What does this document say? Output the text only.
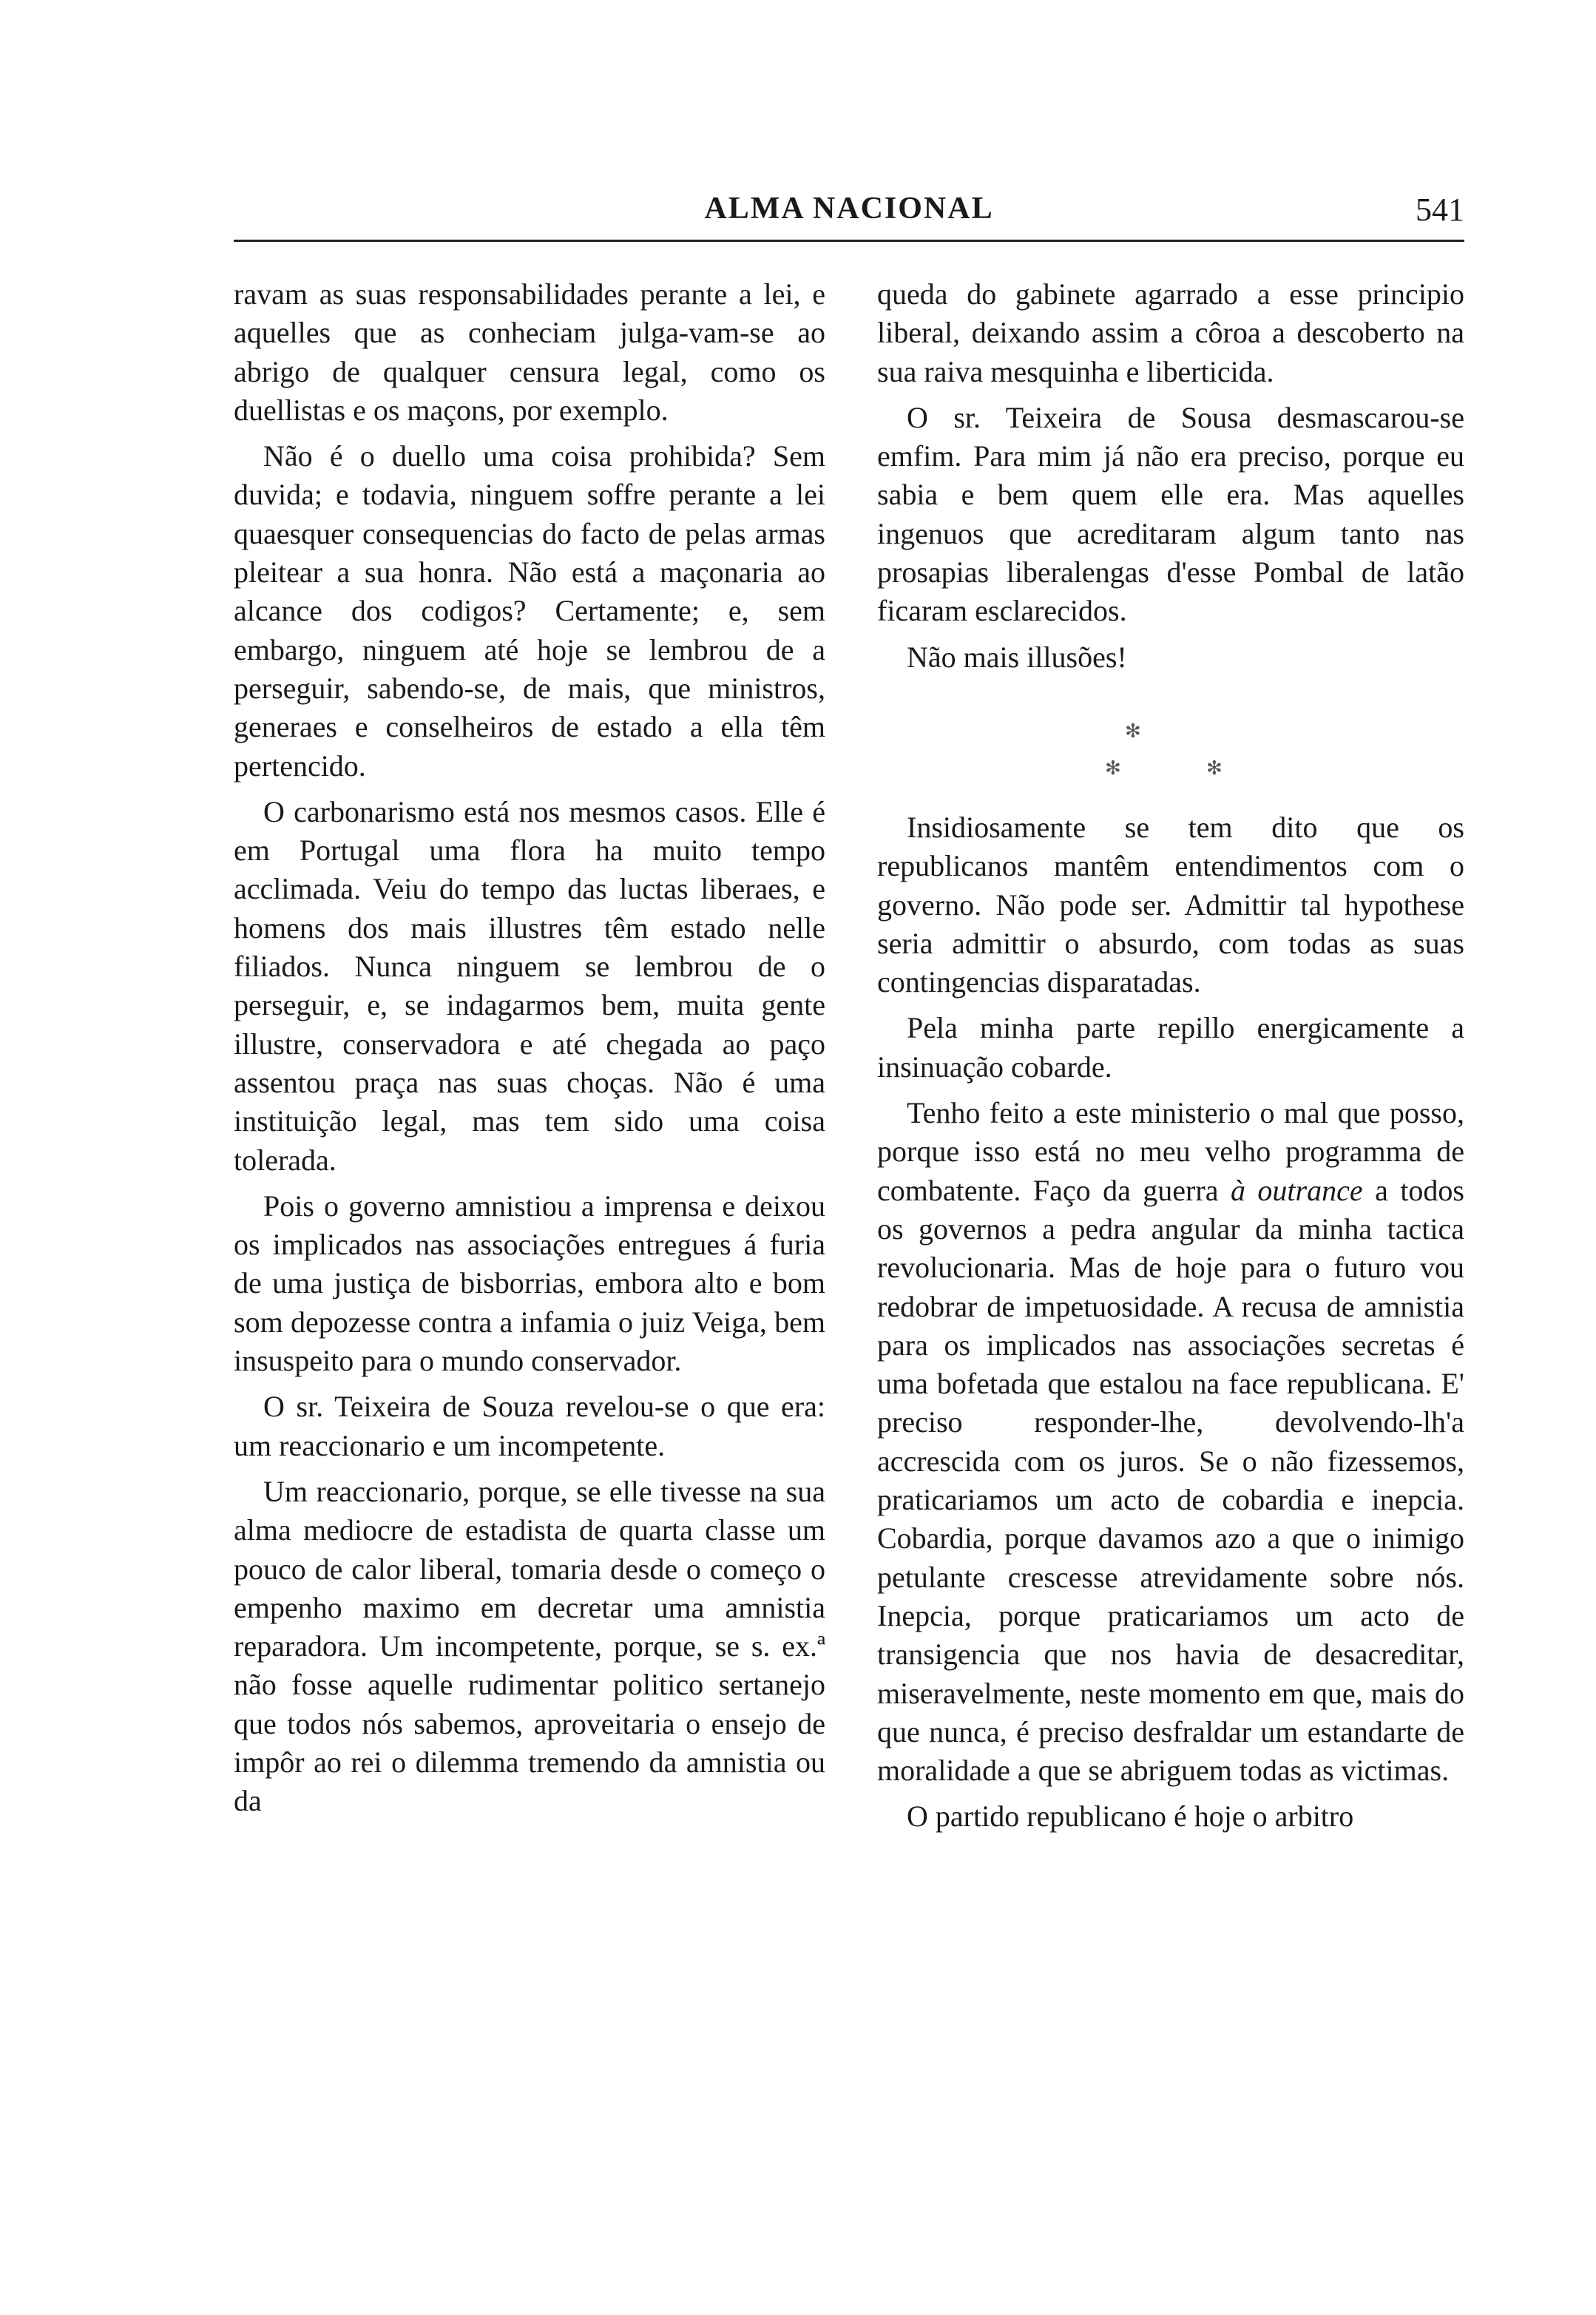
ALMA NACIONAL	541

ravam as suas responsabilidades perante a lei, e aquelles que as conheciam julga-vam-se ao abrigo de qualquer censura legal, como os duellistas e os maçons, por exemplo.

Não é o duello uma coisa prohibida? Sem duvida; e todavia, ninguem soffre perante a lei quaesquer consequencias do facto de pelas armas pleitear a sua honra. Não está a maçonaria ao alcance dos codigos? Certamente; e, sem embargo, ninguem até hoje se lembrou de a perseguir, sabendo-se, de mais, que ministros, generaes e conselheiros de estado a ella têm pertencido.

O carbonarismo está nos mesmos casos. Elle é em Portugal uma flora ha muito tempo acclimada. Veiu do tempo das luctas liberaes, e homens dos mais illustres têm estado nelle filiados. Nunca ninguem se lembrou de o perseguir, e, se indagarmos bem, muita gente illustre, conservadora e até chegada ao paço assentou praça nas suas choças. Não é uma instituição legal, mas tem sido uma coisa tolerada.

Pois o governo amnistiou a imprensa e deixou os implicados nas associações entregues á furia de uma justiça de bisborrias, embora alto e bom som depozesse contra a infamia o juiz Veiga, bem insuspeito para o mundo conservador.

O sr. Teixeira de Souza revelou-se o que era: um reaccionario e um incompetente.

Um reaccionario, porque, se elle tivesse na sua alma mediocre de estadista de quarta classe um pouco de calor liberal, tomaria desde o começo o empenho maximo em decretar uma amnistia reparadora. Um incompetente, porque, se s. ex.ª não fosse aquelle rudimentar politico sertanejo que todos nós sabemos, aproveitaria o ensejo de impôr ao rei o dilemma tremendo da amnistia ou da

queda do gabinete agarrado a esse principio liberal, deixando assim a côroa a descoberto na sua raiva mesquinha e liberticida.

O sr. Teixeira de Sousa desmascarou-se emfim. Para mim já não era preciso, porque eu sabia e bem quem elle era. Mas aquelles ingenuos que acreditaram algum tanto nas prosapias liberalengas d'esse Pombal de latão ficaram esclarecidos.

Não mais illusões!

✻
✻	✻

Insidiosamente se tem dito que os republicanos mantêm entendimentos com o governo. Não pode ser. Admittir tal hypothese seria admittir o absurdo, com todas as suas contingencias disparatadas.

Pela minha parte repillo energicamente a insinuação cobarde.

Tenho feito a este ministerio o mal que posso, porque isso está no meu velho programma de combatente. Faço da guerra à outrance a todos os governos a pedra angular da minha tactica revolucionaria. Mas de hoje para o futuro vou redobrar de impetuosidade. A recusa de amnistia para os implicados nas associações secretas é uma bofetada que estalou na face republicana. E' preciso responder-lhe, devolvendo-lh'a accrescida com os juros. Se o não fizessemos, praticariamos um acto de cobardia e inepcia. Cobardia, porque davamos azo a que o inimigo petulante crescesse atrevidamente sobre nós. Inepcia, porque praticariamos um acto de transigencia que nos havia de desacreditar, miseravelmente, neste momento em que, mais do que nunca, é preciso desfraldar um estandarte de moralidade a que se abriguem todas as victimas.

O partido republicano é hoje o arbitro
